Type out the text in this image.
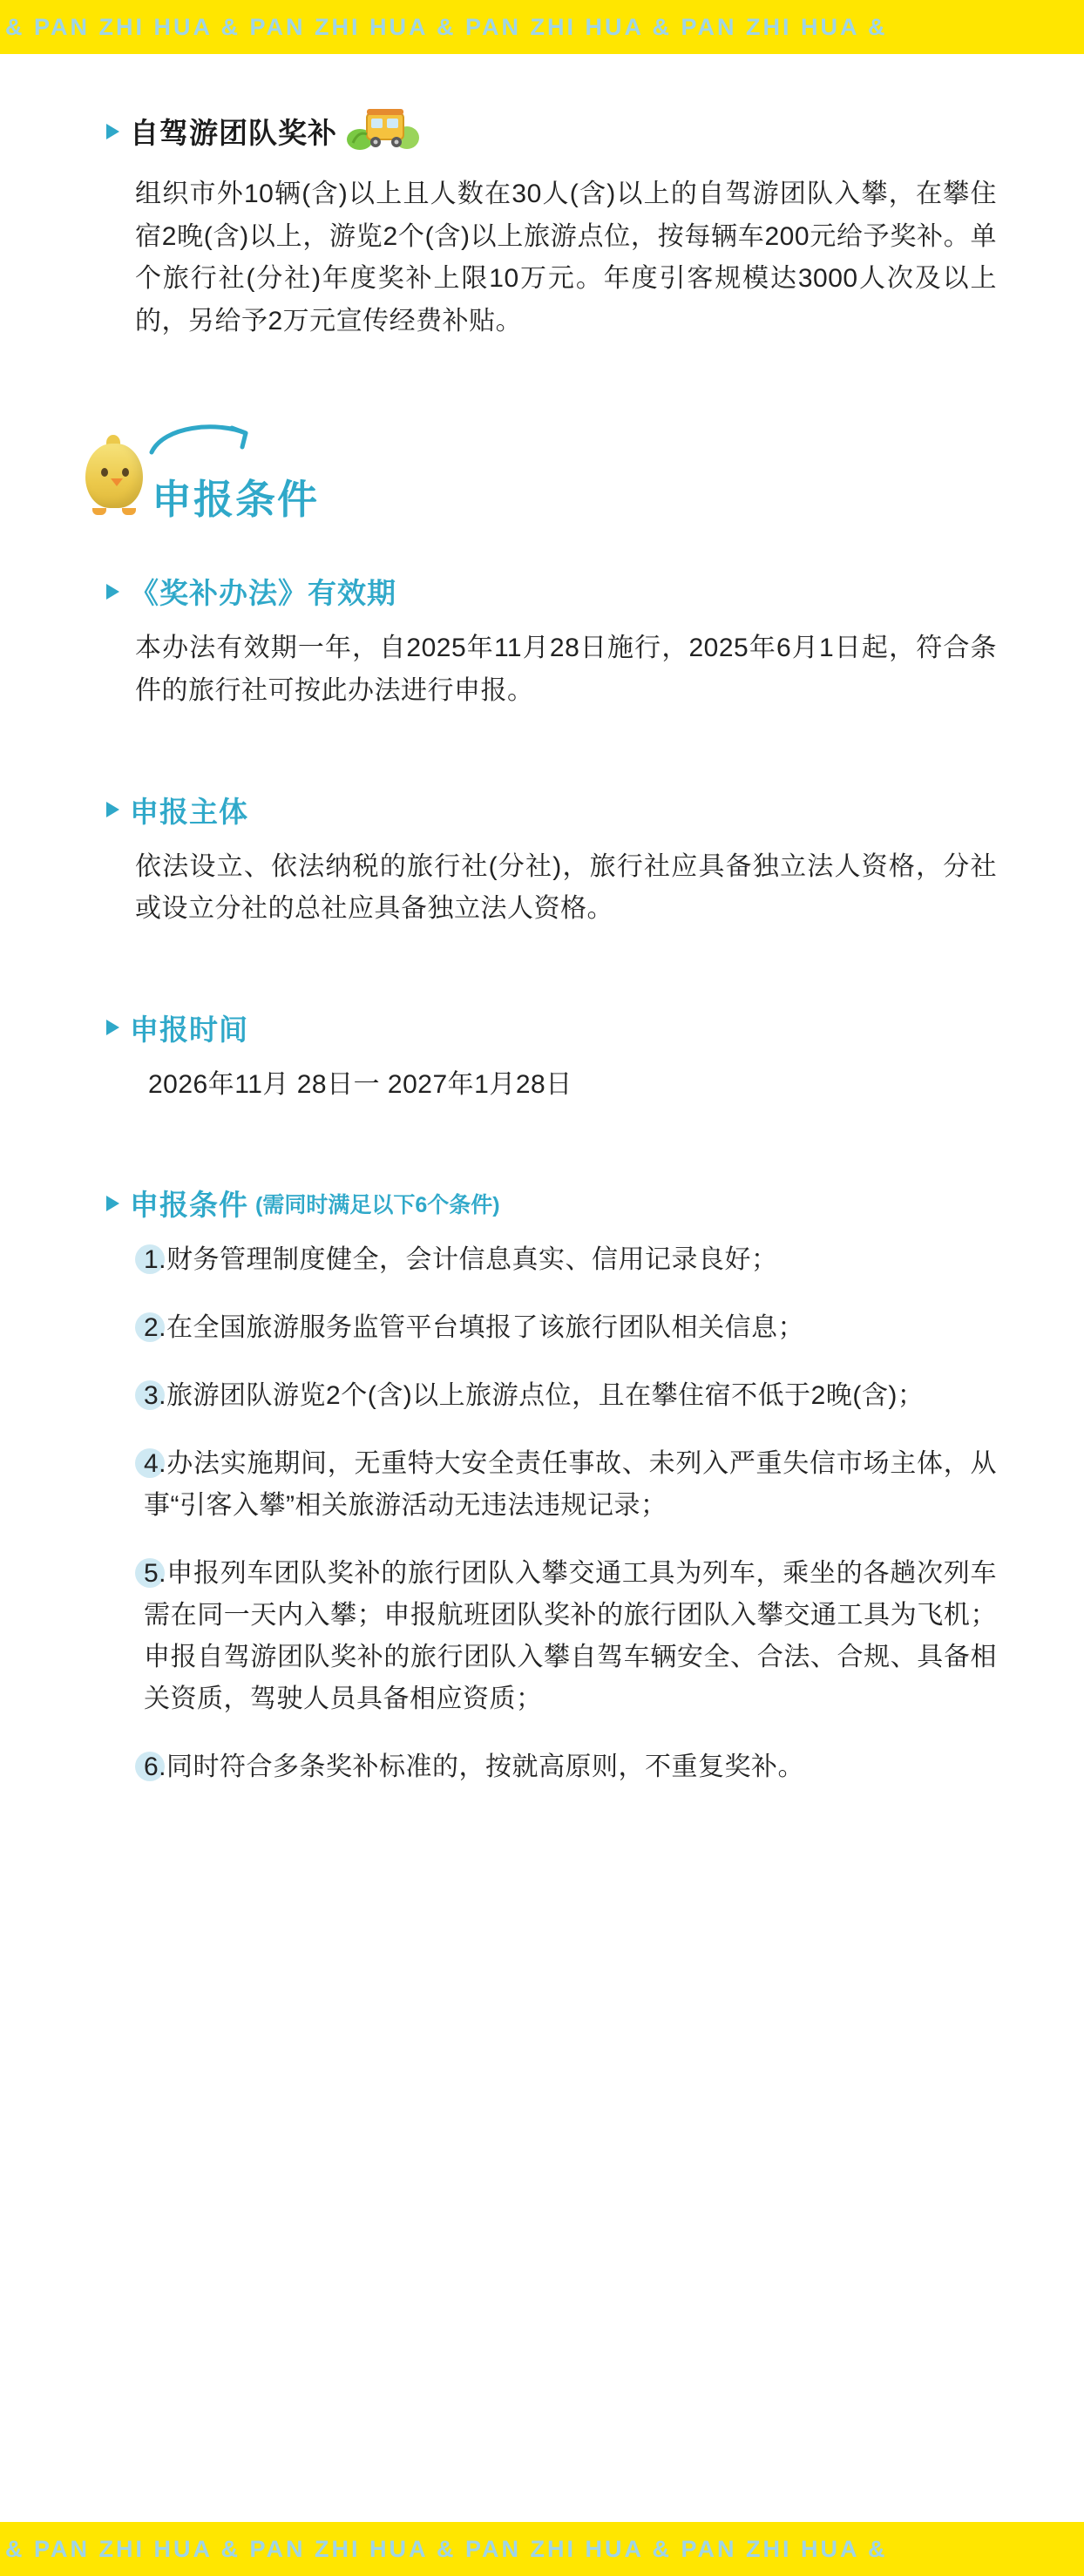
& PAN ZHI HUA & PAN ZHI HUA & PAN ZHI HUA & PAN ZHI HUA &
自驾游团队奖补
组织市外10辆(含)以上且人数在30人(含)以上的自驾游团队入攀，在攀住宿2晚(含)以上，游览2个(含)以上旅游点位，按每辆车200元给予奖补。单个旅行社(分社)年度奖补上限10万元。年度引客规模达3000人次及以上的，另给予2万元宣传经费补贴。
申报条件
《奖补办法》有效期
本办法有效期一年，自2025年11月28日施行，2025年6月1日起，符合条件的旅行社可按此办法进行申报。
申报主体
依法设立、依法纳税的旅行社(分社)，旅行社应具备独立法人资格，分社或设立分社的总社应具备独立法人资格。
申报时间
2026年11月 28日一 2027年1月28日
申报条件 (需同时满足以下6个条件)
1.财务管理制度健全，会计信息真实、信用记录良好；
2.在全国旅游服务监管平台填报了该旅行团队相关信息；
3.旅游团队游览2个(含)以上旅游点位，且在攀住宿不低于2晚(含)；
4.办法实施期间，无重特大安全责任事故、未列入严重失信市场主体，从事“引客入攀”相关旅游活动无违法违规记录；
5.申报列车团队奖补的旅行团队入攀交通工具为列车，乘坐的各趟次列车需在同一天内入攀；申报航班团队奖补的旅行团队入攀交通工具为飞机；申报自驾游团队奖补的旅行团队入攀自驾车辆安全、合法、合规、具备相关资质，驾驶人员具备相应资质；
6.同时符合多条奖补标准的，按就高原则，不重复奖补。
& PAN ZHI HUA & PAN ZHI HUA & PAN ZHI HUA & PAN ZHI HUA &
